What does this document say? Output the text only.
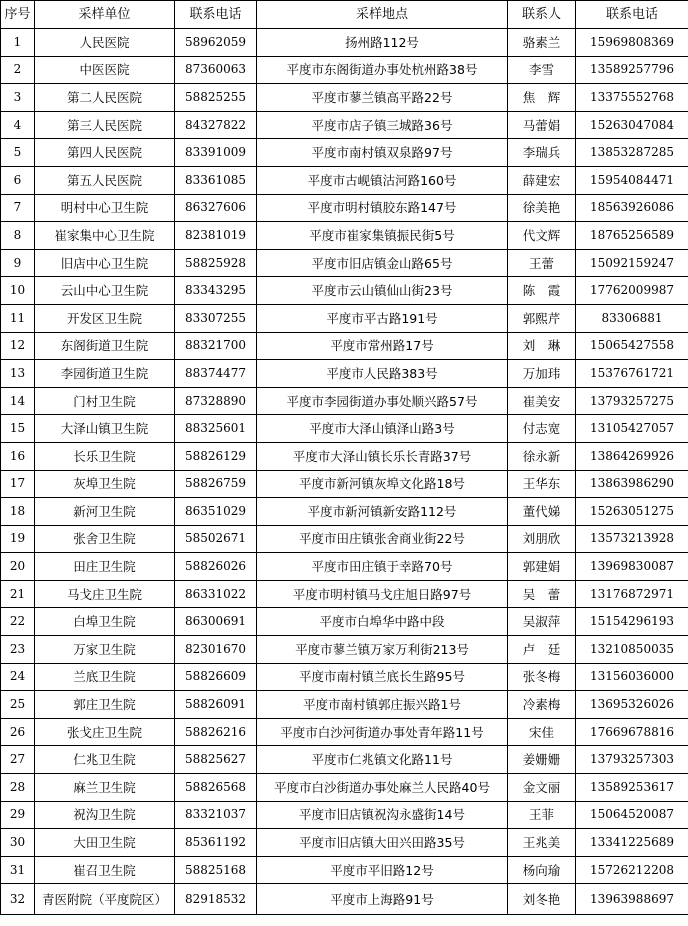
序号	采样单位	联系电话	采样地点	联系人	联系电话
1	人民医院	58962059	扬州路112号	骆素兰	15969808369
2	中医医院	87360063	平度市东阁街道办事处杭州路38号	李雪	13589257796
3	第二人民医院	58825255	平度市蓼兰镇高平路22号	焦　辉	13375552768
4	第三人民医院	84327822	平度市店子镇三城路36号	马蕾娟	15263047084
5	第四人民医院	83391009	平度市南村镇双泉路97号	李瑞兵	13853287285
6	第五人民医院	83361085	平度市古岘镇沽河路160号	薛建宏	15954084471
7	明村中心卫生院	86327606	平度市明村镇胶东路147号	徐美艳	18563926086
8	崔家集中心卫生院	82381019	平度市崔家集镇振民街5号	代文辉	18765256589
9	旧店中心卫生院	58825928	平度市旧店镇金山路65号	王蕾	15092159247
10	云山中心卫生院	83343295	平度市云山镇仙山街23号	陈　霞	17762009987
11	开发区卫生院	83307255	平度市平古路191号	郭熙芹	83306881
12	东阁街道卫生院	88321700	平度市常州路17号	刘　琳	15065427558
13	李园街道卫生院	88374477	平度市人民路383号	万加玮	15376761721
14	门村卫生院	87328890	平度市李园街道办事处顺兴路57号	崔美安	13793257275
15	大泽山镇卫生院	88325601	平度市大泽山镇泽山路3号	付志宽	13105427057
16	长乐卫生院	58826129	平度市大泽山镇长乐长青路37号	徐永新	13864269926
17	灰埠卫生院	58826759	平度市新河镇灰埠文化路18号	王华东	13863986290
18	新河卫生院	86351029	平度市新河镇新安路112号	董代娣	15263051275
19	张舍卫生院	58502671	平度市田庄镇张舍商业街22号	刘朋欣	13573213928
20	田庄卫生院	58826026	平度市田庄镇于幸路70号	郭建娟	13969830087
21	马戈庄卫生院	86331022	平度市明村镇马戈庄旭日路97号	吴　蕾	13176872971
22	白埠卫生院	86300691	平度市白埠华中路中段	吴淑萍	15154296193
23	万家卫生院	82301670	平度市蓼兰镇万家万利街213号	卢　廷	13210850035
24	兰底卫生院	58826609	平度市南村镇兰底长生路95号	张冬梅	13156036000
25	郭庄卫生院	58826091	平度市南村镇郭庄振兴路1号	冷素梅	13695326026
26	张戈庄卫生院	58826216	平度市白沙河街道办事处青年路11号	宋佳	17669678816
27	仁兆卫生院	58825627	平度市仁兆镇文化路11号	姜姗姗	13793257303
28	麻兰卫生院	58826568	平度市白沙街道办事处麻兰人民路40号	金文丽	13589253617
29	祝沟卫生院	83321037	平度市旧店镇祝沟永盛街14号	王菲	15064520087
30	大田卫生院	85361192	平度市旧店镇大田兴田路35号	王兆美	13341225689
31	崔召卫生院	58825168	平度市平旧路12号	杨向瑜	15726212208
32	青医附院（平度院区）	82918532	平度市上海路91号	刘冬艳	13963988697
